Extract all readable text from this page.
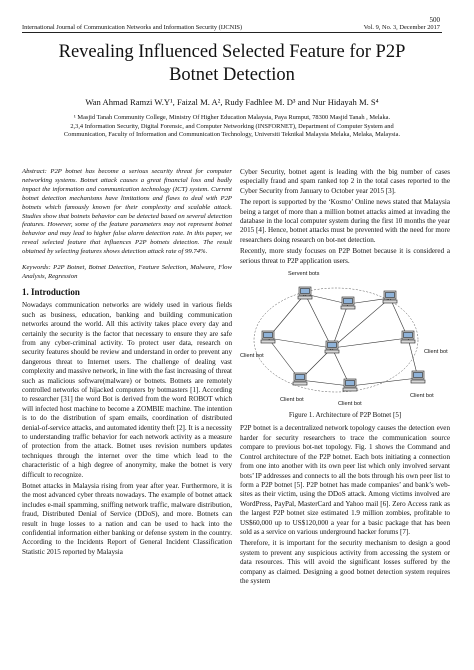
500
International Journal of Communication Networks and Information Security (IJCNIS)	Vol. 9, No. 3, December 2017
Revealing Influenced Selected Feature for P2P
Botnet Detection
Wan Ahmad Ramzi W.Y¹, Faizal M. A², Rudy Fadhlee M. D³ and Nur Hidayah M. S⁴
¹ Masjid Tanah Community College, Ministry Of Higher Education Malaysia, Paya Rumput, 78300 Masjid Tanah , Melaka.
2,3,4 Information Security, Digital Forensic, and Computer Networking (INSFORNET), Department of Computer System and
Communication, Faculty of Information and Communication Technology, Universiti Teknikal Malaysia Melaka, Melaka, Malaysia.

Abstract: P2P botnet has become a serious security threat for computer networking systems. Botnet attack causes a great financial loss and badly impact the information and communication technology (ICT) system. Current botnet detection mechanisms have limitations and flaws to deal with P2P botnets which famously known for their complexity and scalable attack. Studies show that botnets behavior can be detected based on several detection features. However, some of the feature parameters may not represent botnet behavior and may lead to higher false alarm detection rate. In this paper, we reveal selected feature that influences P2P botnets detection. The result obtained by selecting features shows detection attack rate of 99.74%.

Keywords: P2P Botnet, Botnet Detection, Feature Selection, Malware, Flow Analysis, Regression

1. Introduction

Nowadays communication networks are widely used in various fields such as business, education, banking and building communication networks around the world. All this activity takes place every day and certainly the security is the factor that necessary to ensure they are safe from any cyber-criminal activity. To protect user data, research on security features should be review and understand in order to prevent any dangerous threat to Internet users. The challenge of dealing vast complexity and massive network, in line with the fast increasing of threat such as malicious software(malware) or botnets. Botnets are remotely controlled networks of hijacked computers by botmasters [1]. According to researcher [31] the word Bot is derived from the word ROBOT which will infected host machine to become a ZOMBIE machine. The intention is to do the distribution of spam emails, coordination of distributed denial-of-service attacks, and automated identity theft [2]. It is a necessity to understanding traffic behavior for each network activity as a measure of protection from the attack. Botnet uses revision numbers updates techniques through the internet over the time which lead to the characteristic of a high degree of anonymity, make the botnet is very difficult to recognize.

Botnet attacks in Malaysia rising from year after year. Furthermore, it is the most advanced cyber threats nowadays. The example of botnet attack includes e-mail spamming, sniffing network traffic, malware distribution, fraud, Distributed Denial of Service (DDoS), and more. Botnets can result in huge losses to a nation and can be used to hack into the confidential information either banking or defense system in the country. According to the Incidents Report of General Incident Classification Statistic 2015 reported by Malaysia

Cyber Security, botnet agent is leading with the big number of cases especially fraud and spam ranked top 2 in the total cases reported to the Cyber Security from January to October year 2015 [3].

The report is supported by the ‘Kosmo’ Online news stated that Malaysia being a target of more than a million botnet attacks aimed at invading the database in the local computer system during the first 10 months the year 2015 [4]. Hence, botnet attacks must be prevented with the need for more researchers doing research on bot-net detection.

Recently, more study focuses on P2P Botnet because it is considered a serious threat to P2P application users.

Servent bots
Client bot
Client bot
Client bot
Client bot
Client bot

Figure 1. Architecture of P2P Botnet [5]

P2P botnet is a decentralized network topology causes the detection even harder for security researchers to trace the communication source compare to previous bot-net topology. Fig. 1 shows the Command and Control architecture of the P2P botnet. Each bots initiating a connection from one into another with its own peer list which only involved servant bots’ IP addresses and connects to all the bots through his own peer list to form a P2P botnet [5]. P2P botnet has made companies’ and bank’s web-sites as their victim, using the DDoS attack. Among victims involved are WordPress, PayPal, MasterCard and Yahoo mail [6]. Zero Access rank as the largest P2P botnet size estimated 1.9 million zombies, profitable to US$60,000 up to US$120,000 a year for a basic package that has been sold as a service on various underground hacker forums [7].

Therefore, it is important for the security mechanism to design a good system to prevent any suspicious activity from accessing the system or data resources. This will avoid the significant losses suffered by the company as claimed. Designing a good botnet detection system requires the system
